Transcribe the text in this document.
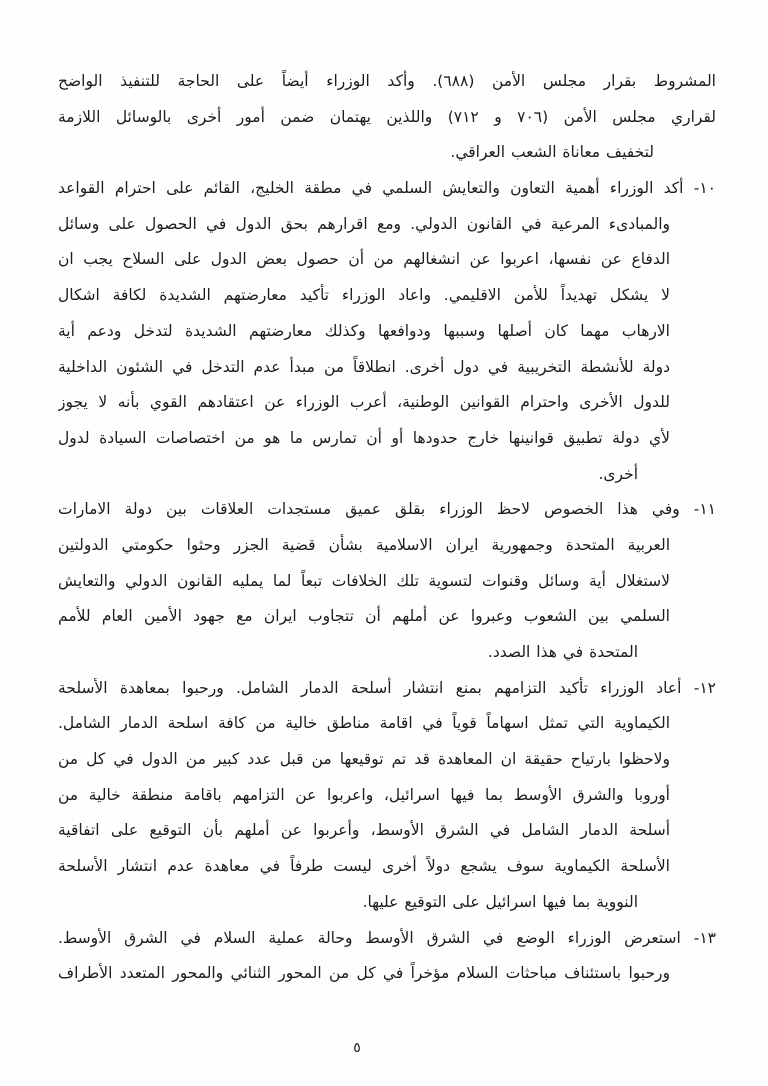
المشروط بقرار مجلس الأمن (٦٨٨). وأكد الوزراء أيضاً على الحاجة للتنفيذ الواضح
لقراري مجلس الأمن (٧٠٦ و ٧١٢) واللذين يهتمان ضمن أمور أخرى بالوسائل اللازمة
لتخفيف معاناة الشعب العراقي.
١٠- أكد الوزراء أهمية التعاون والتعايش السلمي في مطقة الخليج، القائم على احترام القواعد
والمبادىء المرعية في القانون الدولي. ومع اقرارهم بحق الدول في الحصول على وسائل
الدفاع عن نفسها، اعربوا عن انشغالهم من أن حصول بعض الدول على السلاح يجب ان
لا يشكل تهديداً للأمن الاقليمي. واعاد الوزراء تأكيد معارضتهم الشديدة لكافة اشكال
الارهاب مهما كان أصلها وسببها ودوافعها وكذلك معارضتهم الشديدة لتدخل ودعم أية
دولة للأنشطة التخريبية في دول أخرى. انطلاقاً من مبدأ عدم التدخل في الشئون الداخلية
للدول الأخرى واحترام القوانين الوطنية، أعرب الوزراء عن اعتقادهم القوي بأنه لا يجوز
لأي دولة تطبيق قوانينها خارج حدودها أو أن تمارس ما هو من اختصاصات السيادة لدول
أخرى.
١١- وفي هذا الخصوص لاحظ الوزراء بقلق عميق مستجدات العلاقات بين دولة الامارات
العربية المتحدة وجمهورية ايران الاسلامية بشأن قضية الجزر وحثوا حكومتي الدولتين
لاستغلال أية وسائل وقنوات لتسوية تلك الخلافات تبعاً لما يمليه القانون الدولي والتعايش
السلمي بين الشعوب وعبروا عن أملهم أن تتجاوب ايران مع جهود الأمين العام للأمم
المتحدة في هذا الصدد.
١٢- أعاد الوزراء تأكيد التزامهم بمنع انتشار أسلحة الدمار الشامل. ورحبوا بمعاهدة الأسلحة
الكيماوية التي تمثل اسهاماً قوياً في اقامة مناطق خالية من كافة اسلحة الدمار الشامل.
ولاحظوا بارتياح حقيقة ان المعاهدة قد تم توقيعها من قبل عدد كبير من الدول في كل من
أوروبا والشرق الأوسط بما فيها اسرائيل، واعربوا عن التزامهم باقامة منطقة خالية من
أسلحة الدمار الشامل في الشرق الأوسط، وأعربوا عن أملهم بأن التوقيع على اتفاقية
الأسلحة الكيماوية سوف يشجع دولاً أخرى ليست طرفاً في معاهدة عدم انتشار الأسلحة
النووية بما فيها اسرائيل على التوقيع عليها.
١٣- استعرض الوزراء الوضع في الشرق الأوسط وحالة عملية السلام في الشرق الأوسط.
ورحبوا باستئناف مباحثات السلام مؤخراً في كل من المحور الثنائي والمحور المتعدد الأطراف
٥
